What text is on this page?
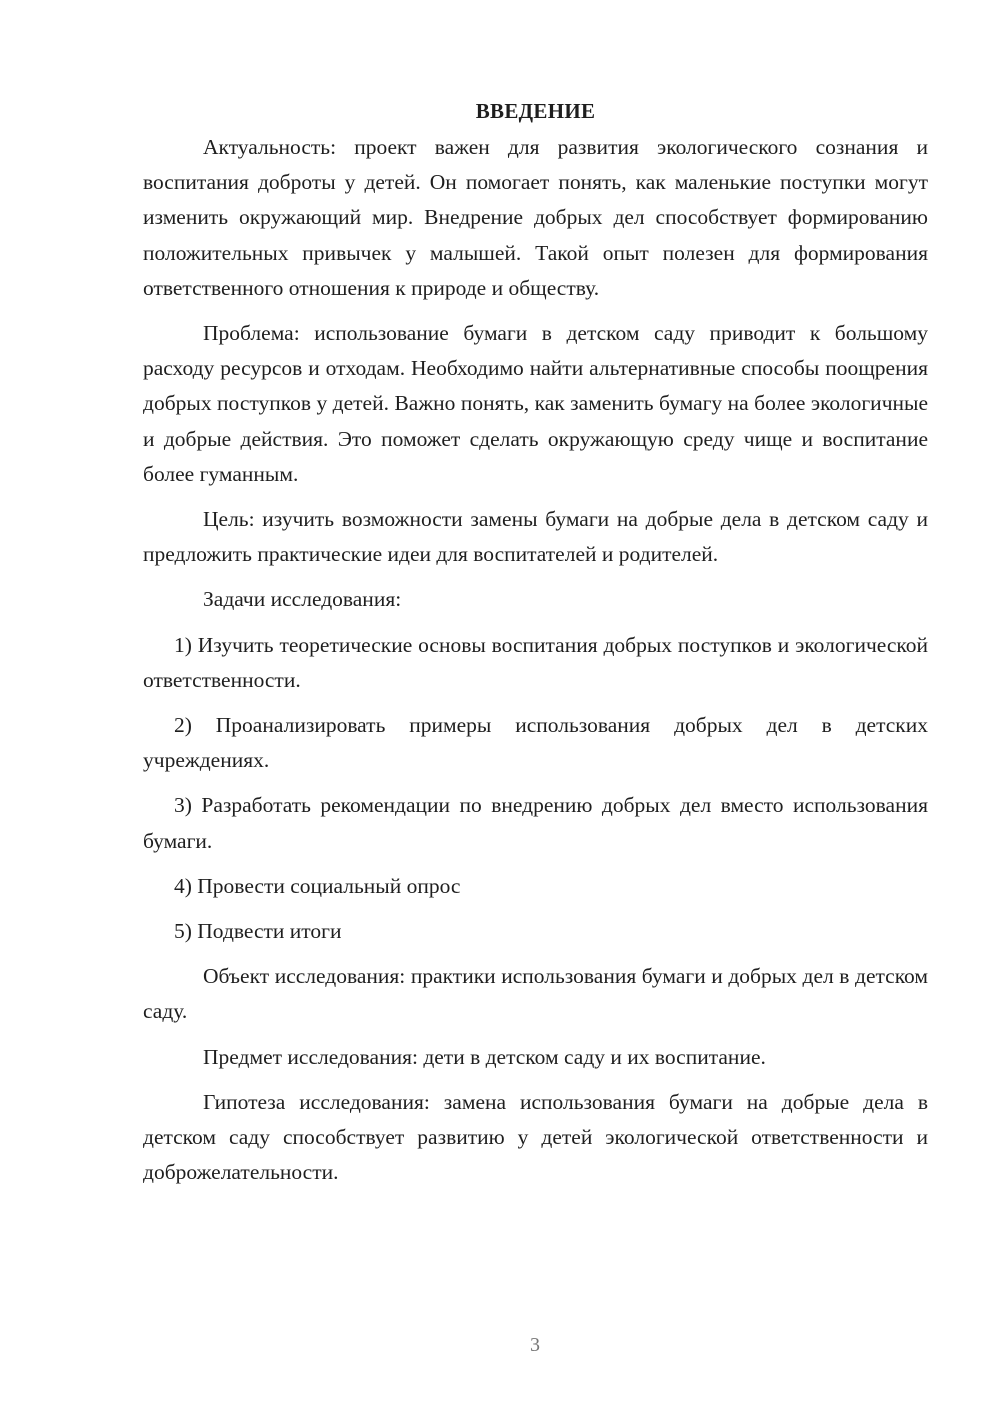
ВВЕДЕНИЕ

Актуальность: проект важен для развития экологического сознания и воспитания доброты у детей. Он помогает понять, как маленькие поступки могут изменить окружающий мир. Внедрение добрых дел способствует формированию положительных привычек у малышей. Такой опыт полезен для формирования ответственного отношения к природе и обществу.

Проблема: использование бумаги в детском саду приводит к большому расходу ресурсов и отходам. Необходимо найти альтернативные способы поощрения добрых поступков у детей. Важно понять, как заменить бумагу на более экологичные и добрые действия. Это поможет сделать окружающую среду чище и воспитание более гуманным.

Цель: изучить возможности замены бумаги на добрые дела в детском саду и предложить практические идеи для воспитателей и родителей.

Задачи исследования:

1) Изучить теоретические основы воспитания добрых поступков и экологической ответственности.

2) Проанализировать примеры использования добрых дел в детских учреждениях.

3) Разработать рекомендации по внедрению добрых дел вместо использования бумаги.

4) Провести социальный опрос

5) Подвести итоги

Объект исследования: практики использования бумаги и добрых дел в детском саду.

Предмет исследования: дети в детском саду и их воспитание.

Гипотеза исследования: замена использования бумаги на добрые дела в детском саду способствует развитию у детей экологической ответственности и доброжелательности.

3
